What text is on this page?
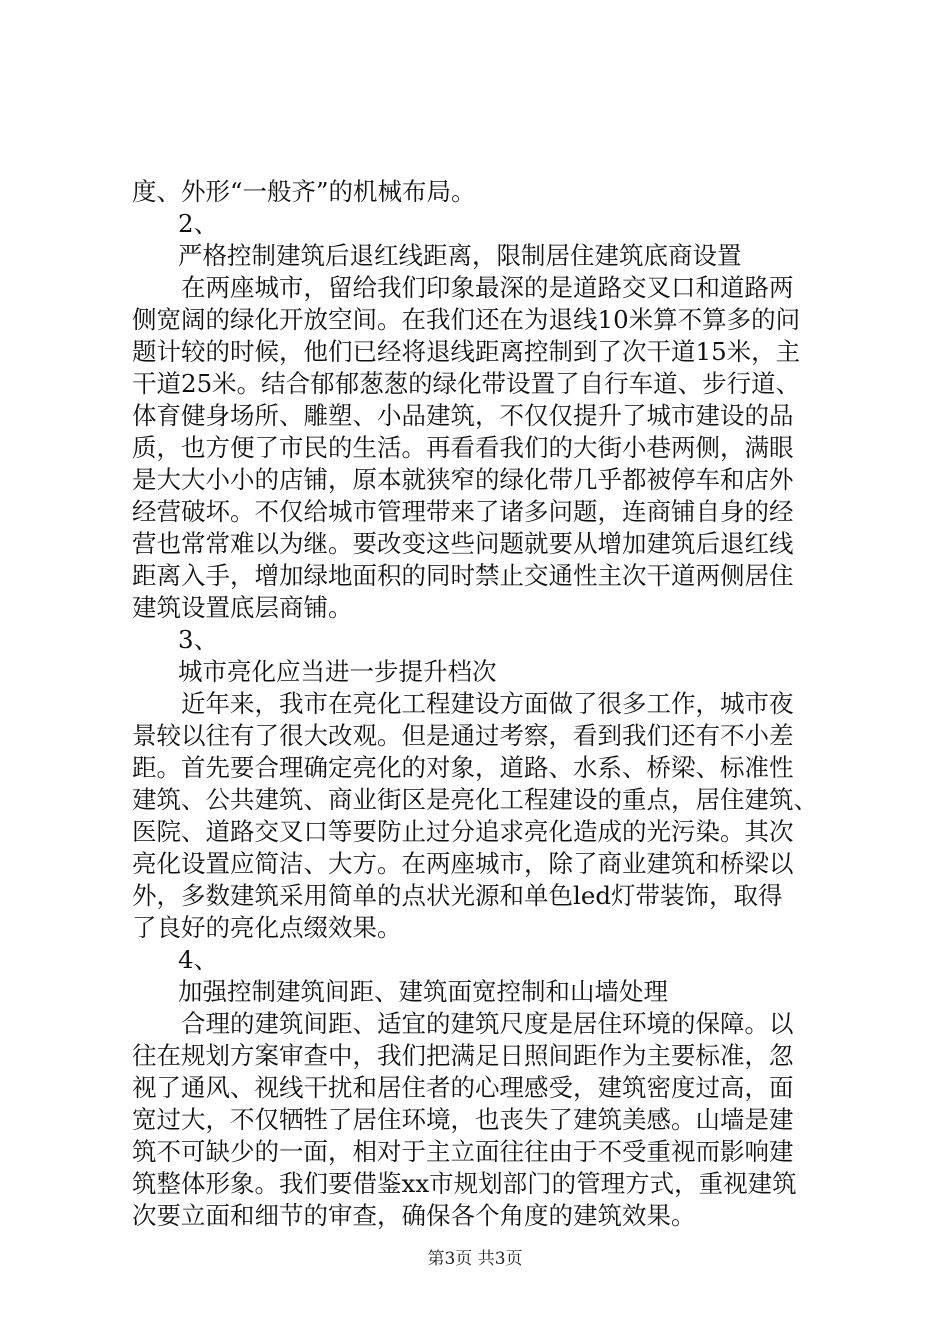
度、外形“一般齐”的机械布局。
2、
严格控制建筑后退红线距离，限制居住建筑底商设置
在两座城市，留给我们印象最深的是道路交叉口和道路两
侧宽阔的绿化开放空间。在我们还在为退线10米算不算多的问
题计较的时候，他们已经将退线距离控制到了次干道15米，主
干道25米。结合郁郁葱葱的绿化带设置了自行车道、步行道、
体育健身场所、雕塑、小品建筑，不仅仅提升了城市建设的品
质，也方便了市民的生活。再看看我们的大街小巷两侧，满眼
是大大小小的店铺，原本就狭窄的绿化带几乎都被停车和店外
经营破坏。不仅给城市管理带来了诸多问题，连商铺自身的经
营也常常难以为继。要改变这些问题就要从增加建筑后退红线
距离入手，增加绿地面积的同时禁止交通性主次干道两侧居住
建筑设置底层商铺。
3、
城市亮化应当进一步提升档次
近年来，我市在亮化工程建设方面做了很多工作，城市夜
景较以往有了很大改观。但是通过考察，看到我们还有不小差
距。首先要合理确定亮化的对象，道路、水系、桥梁、标准性
建筑、公共建筑、商业街区是亮化工程建设的重点，居住建筑、
医院、道路交叉口等要防止过分追求亮化造成的光污染。其次
亮化设置应简洁、大方。在两座城市，除了商业建筑和桥梁以
外，多数建筑采用简单的点状光源和单色led灯带装饰，取得
了良好的亮化点缀效果。
4、
加强控制建筑间距、建筑面宽控制和山墙处理
合理的建筑间距、适宜的建筑尺度是居住环境的保障。以
往在规划方案审查中，我们把满足日照间距作为主要标准，忽
视了通风、视线干扰和居住者的心理感受，建筑密度过高，面
宽过大，不仅牺牲了居住环境，也丧失了建筑美感。山墙是建
筑不可缺少的一面，相对于主立面往往由于不受重视而影响建
筑整体形象。我们要借鉴xx市规划部门的管理方式，重视建筑
次要立面和细节的审查，确保各个角度的建筑效果。
第3页 共3页
